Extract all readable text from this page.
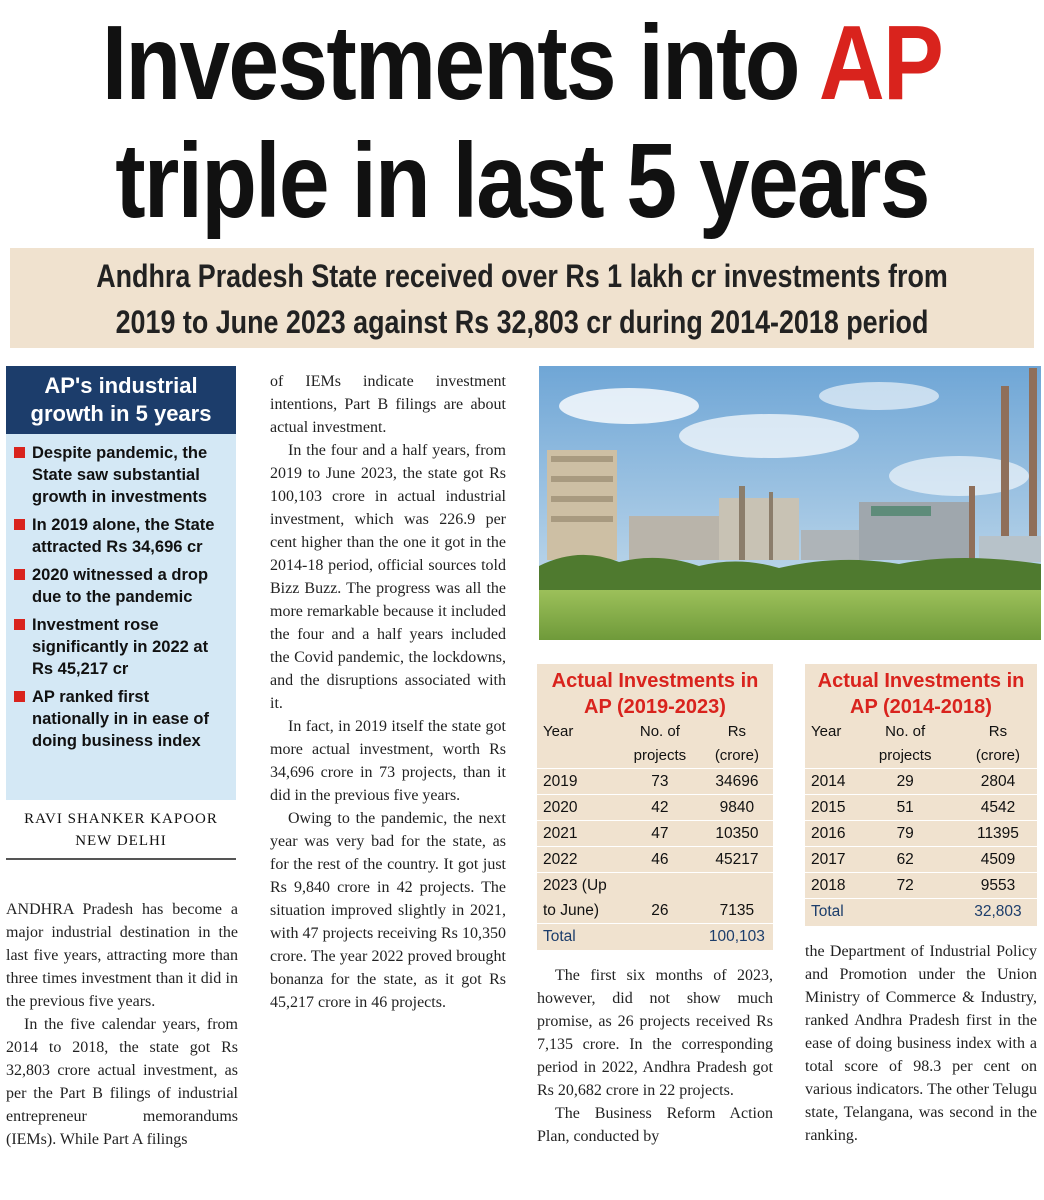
Investments into AP
triple in last 5 years
Andhra Pradesh State received over Rs 1 lakh cr investments from
2019 to June 2023 against Rs 32,803 cr during 2014-2018 period
AP's industrial growth in 5 years
Despite pandemic, the State saw substantial growth in investments
In 2019 alone, the State attracted Rs 34,696 cr
2020 witnessed a drop due to the pandemic
Investment rose significantly in 2022 at Rs 45,217 cr
AP ranked first nationally in in ease of doing business index
RAVI SHANKER KAPOOR
NEW DELHI

ANDHRA Pradesh has become a major industrial destination in the last five years, attracting more than three times investment than it did in the previous five years.

In the five calendar years, from 2014 to 2018, the state got Rs 32,803 crore actual investment, as per the Part B filings of industrial entrepreneur memorandums (IEMs). While Part A filings

of IEMs indicate investment intentions, Part B filings are about actual investment.

In the four and a half years, from 2019 to June 2023, the state got Rs 100,103 crore in actual industrial investment, which was 226.9 per cent higher than the one it got in the 2014-18 period, official sources told Bizz Buzz. The progress was all the more remarkable because it included the four and a half years included the Covid pandemic, the lockdowns, and the disruptions associated with it.

In fact, in 2019 itself the state got more actual investment, worth Rs 34,696 crore in 73 projects, than it did in the previous five years.

Owing to the pandemic, the next year was very bad for the state, as for the rest of the country. It got just Rs 9,840 crore in 42 projects. The situation improved slightly in 2021, with 47 projects receiving Rs 10,350 crore. The year 2022 proved brought bonanza for the state, as it got Rs 45,217 crore in 46 projects.

Actual Investments in AP (2019-2023)
Year	No. of projects	Rs (crore)
2019	73	34696
2020	42	9840
2021	47	10350
2022	46	45217
2023 (Up to June)	26	7135
Total		100,103
Actual Investments in AP (2014-2018)
Year	No. of projects	Rs (crore)
2014	29	2804
2015	51	4542
2016	79	11395
2017	62	4509
2018	72	9553
Total		32,803

The first six months of 2023, however, did not show much promise, as 26 projects received Rs 7,135 crore. In the corresponding period in 2022, Andhra Pradesh got Rs 20,682 crore in 22 projects.

The Business Reform Action Plan, conducted by

the Department of Industrial Policy and Promotion under the Union Ministry of Commerce & Industry, ranked Andhra Pradesh first in the ease of doing business index with a total score of 98.3 per cent on various indicators. The other Telugu state, Telangana, was second in the ranking.
